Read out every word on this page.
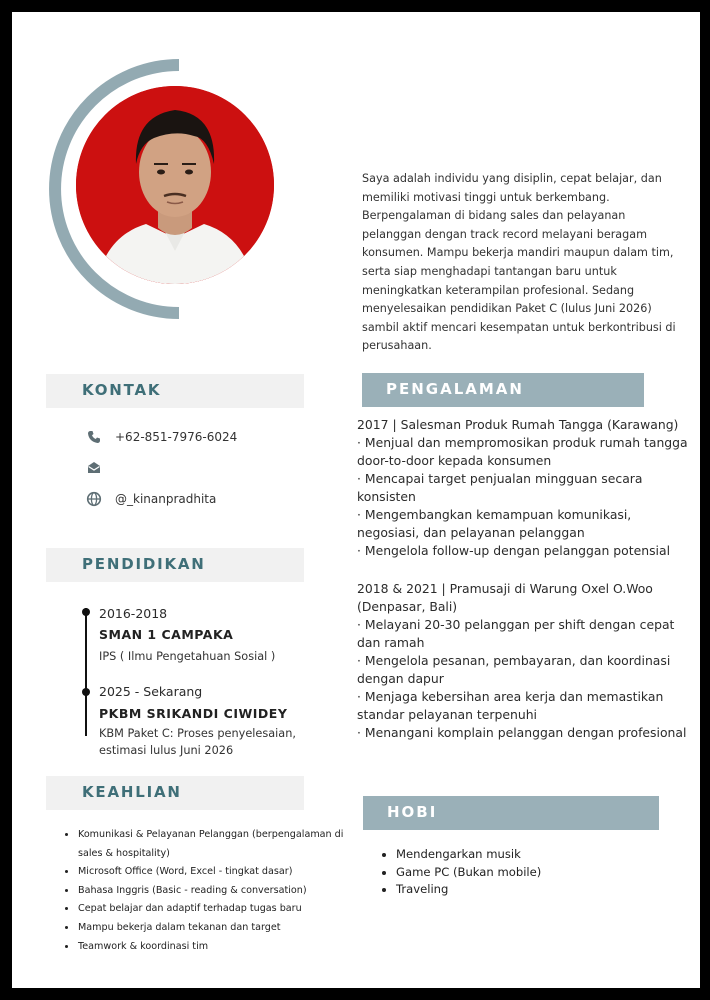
Saya adalah individu yang disiplin, cepat belajar, dan memiliki motivasi tinggi untuk berkembang. Berpengalaman di bidang sales dan pelayanan pelanggan dengan track record melayani beragam konsumen. Mampu bekerja mandiri maupun dalam tim, serta siap menghadapi tantangan baru untuk meningkatkan keterampilan profesional. Sedang menyelesaikan pendidikan Paket C (lulus Juni 2026) sambil aktif mencari kesempatan untuk berkontribusi di perusahaan.
KONTAK
+62-851-7976-6024
@_kinanpradhita
PENDIDIKAN
2016-2018
SMAN 1 CAMPAKA
IPS ( Ilmu Pengetahuan Sosial )
2025 - Sekarang
PKBM SRIKANDI CIWIDEY
KBM Paket C: Proses penyelesaian, estimasi lulus Juni 2026
KEAHLIAN
• Komunikasi & Pelayanan Pelanggan (berpengalaman di sales & hospitality)
• Microsoft Office (Word, Excel - tingkat dasar)
• Bahasa Inggris (Basic - reading & conversation)
• Cepat belajar dan adaptif terhadap tugas baru
• Mampu bekerja dalam tekanan dan target
• Teamwork & koordinasi tim
PENGALAMAN
2017 | Salesman Produk Rumah Tangga (Karawang)
· Menjual dan mempromosikan produk rumah tangga door-to-door kepada konsumen
· Mencapai target penjualan mingguan secara konsisten
· Mengembangkan kemampuan komunikasi, negosiasi, dan pelayanan pelanggan
· Mengelola follow-up dengan pelanggan potensial
2018 & 2021 | Pramusaji di Warung Oxel O.Woo (Denpasar, Bali)
· Melayani 20-30 pelanggan per shift dengan cepat dan ramah
· Mengelola pesanan, pembayaran, dan koordinasi dengan dapur
· Menjaga kebersihan area kerja dan memastikan standar pelayanan terpenuhi
· Menangani komplain pelanggan dengan profesional
HOBI
• Mendengarkan musik
• Game PC (Bukan mobile)
• Traveling
